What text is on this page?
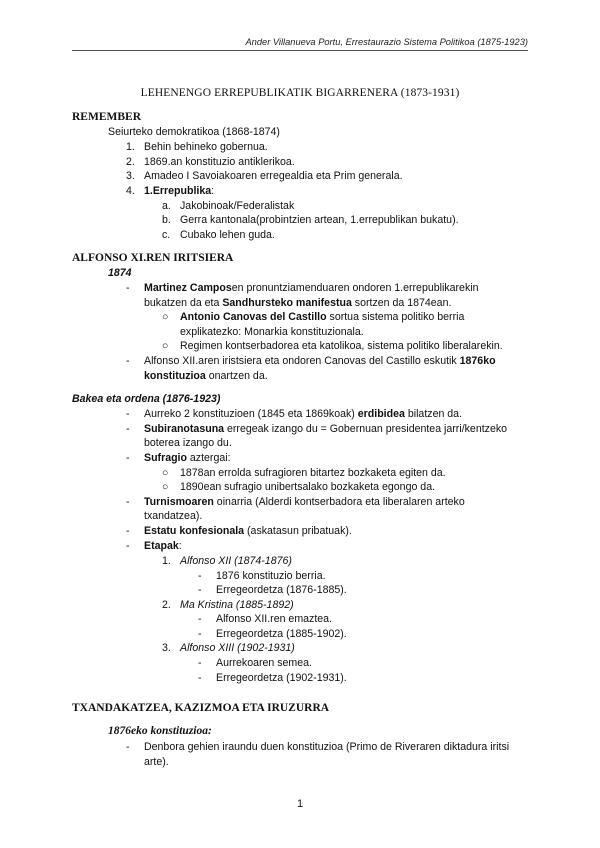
Ander Villanueva Portu, Errestaurazio Sistema Politikoa (1875-1923)
LEHENENGO ERREPUBLIKATIK BIGARRENERA (1873-1931)
REMEMBER
Seiurteko demokratikoa (1868-1874)
1. Behin behineko gobernua.
2. 1869.an konstituzio antiklerikoa.
3. Amadeo I Savoiakoaren erregealdia eta Prim generala.
4. 1.Errepublika:
a. Jakobinoak/Federalistak
b. Gerra kantonala(probintzien artean, 1.errepublikan bukatu).
c. Cubako lehen guda.
ALFONSO XI.REN IRITSIERA
1874
- Martinez Camposen pronuntziamenduaren ondoren 1.errepublikarekin
bukatzen da eta Sandhursteko manifestua sortzen da 1874ean.
○ Antonio Canovas del Castillo sortua sistema politiko berria
explikatezko: Monarkia konstituzionala.
○ Regimen kontserbadorea eta katolikoa, sistema politiko liberalarekin.
- Alfonso XII.aren iristsiera eta ondoren Canovas del Castillo eskutik 1876ko
konstituzioa onartzen da.
Bakea eta ordena (1876-1923)
- Aurreko 2 konstituzioen (1845 eta 1869koak) erdibidea bilatzen da.
- Subiranotasuna erregeak izango du = Gobernuan presidentea jarri/kentzeko
boterea izango du.
- Sufragio aztergai:
○ 1878an errolda sufragioren bitartez bozkaketa egiten da.
○ 1890ean sufragio unibertsalako bozkaketa egongo da.
- Turnismoaren oinarria (Alderdi kontserbadora eta liberalaren arteko
txandatzea).
- Estatu konfesionala (askatasun pribatuak).
- Etapak:
1. Alfonso XII (1874-1876)
- 1876 konstituzio berria.
- Erregeordetza (1876-1885).
2. Ma Kristina (1885-1892)
- Alfonso XII.ren emaztea.
- Erregeordetza (1885-1902).
3. Alfonso XIII (1902-1931)
- Aurrekoaren semea.
- Erregeordetza (1902-1931).
TXANDAKATZEA, KAZIZMOA ETA IRUZURRA
1876eko konstituzioa:
- Denbora gehien iraundu duen konstituzioa (Primo de Riveraren diktadura iritsi
arte).
1
